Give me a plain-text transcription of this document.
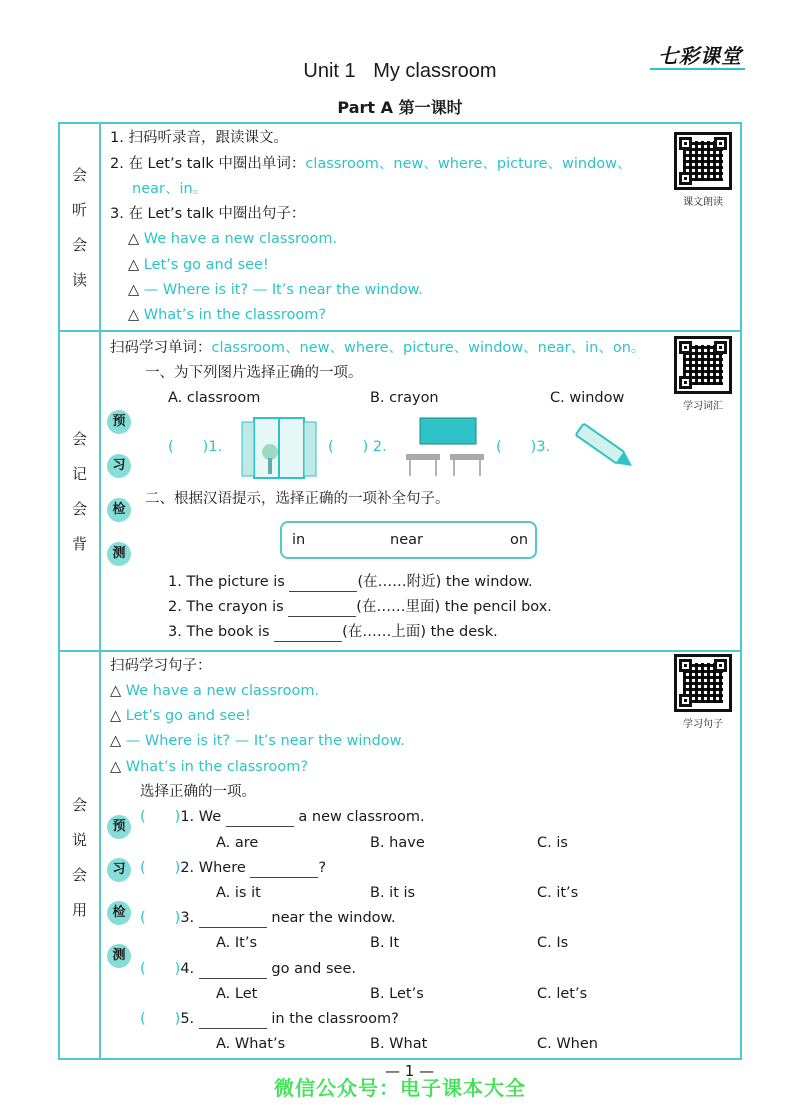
Unit 1 My classroom
Part A 第一课时
七彩课堂
会
听
会
读
1. 扫码听录音，跟读课文。
2. 在 Let’s talk 中圈出单词：classroom、new、where、picture、window、
near、in。
3. 在 Let’s talk 中圈出句子：
△ We have a new classroom.
△ Let’s go and see!
△ — Where is it? — It’s near the window.
△ What’s in the classroom?
课文朗读
会
记
会
背
扫码学习单词：classroom、new、where、picture、window、near、in、on。
学习词汇
一、为下列图片选择正确的一项。
A. classroom	B. crayon	C. window
预
习
检
测
(　　)1.	(　　) 2.	(　　)3.
二、根据汉语提示，选择正确的一项补全句子。
in	near	on
1. The picture is	(在……附近) the window.
2. The crayon is	(在……里面) the pencil box.
3. The book is	(在……上面) the desk.
会
说
会
用
扫码学习句子：
学习句子
△ We have a new classroom.
△ Let’s go and see!
△ — Where is it? — It’s near the window.
△ What’s in the classroom?
选择正确的一项。
预
习
检
测
(　　)1. We	a new classroom.
A. are	B. have	C. is
(　　)2. Where	?
A. is it	B. it is	C. it’s
(　　)3.	near the window.
A. It’s	B. It	C. Is
(　　)4.	go and see.
A. Let	B. Let’s	C. let’s
(　　)5.	in the classroom?
A. What’s	B. What	C. When
— 1 —
微信公众号：电子课本大全
